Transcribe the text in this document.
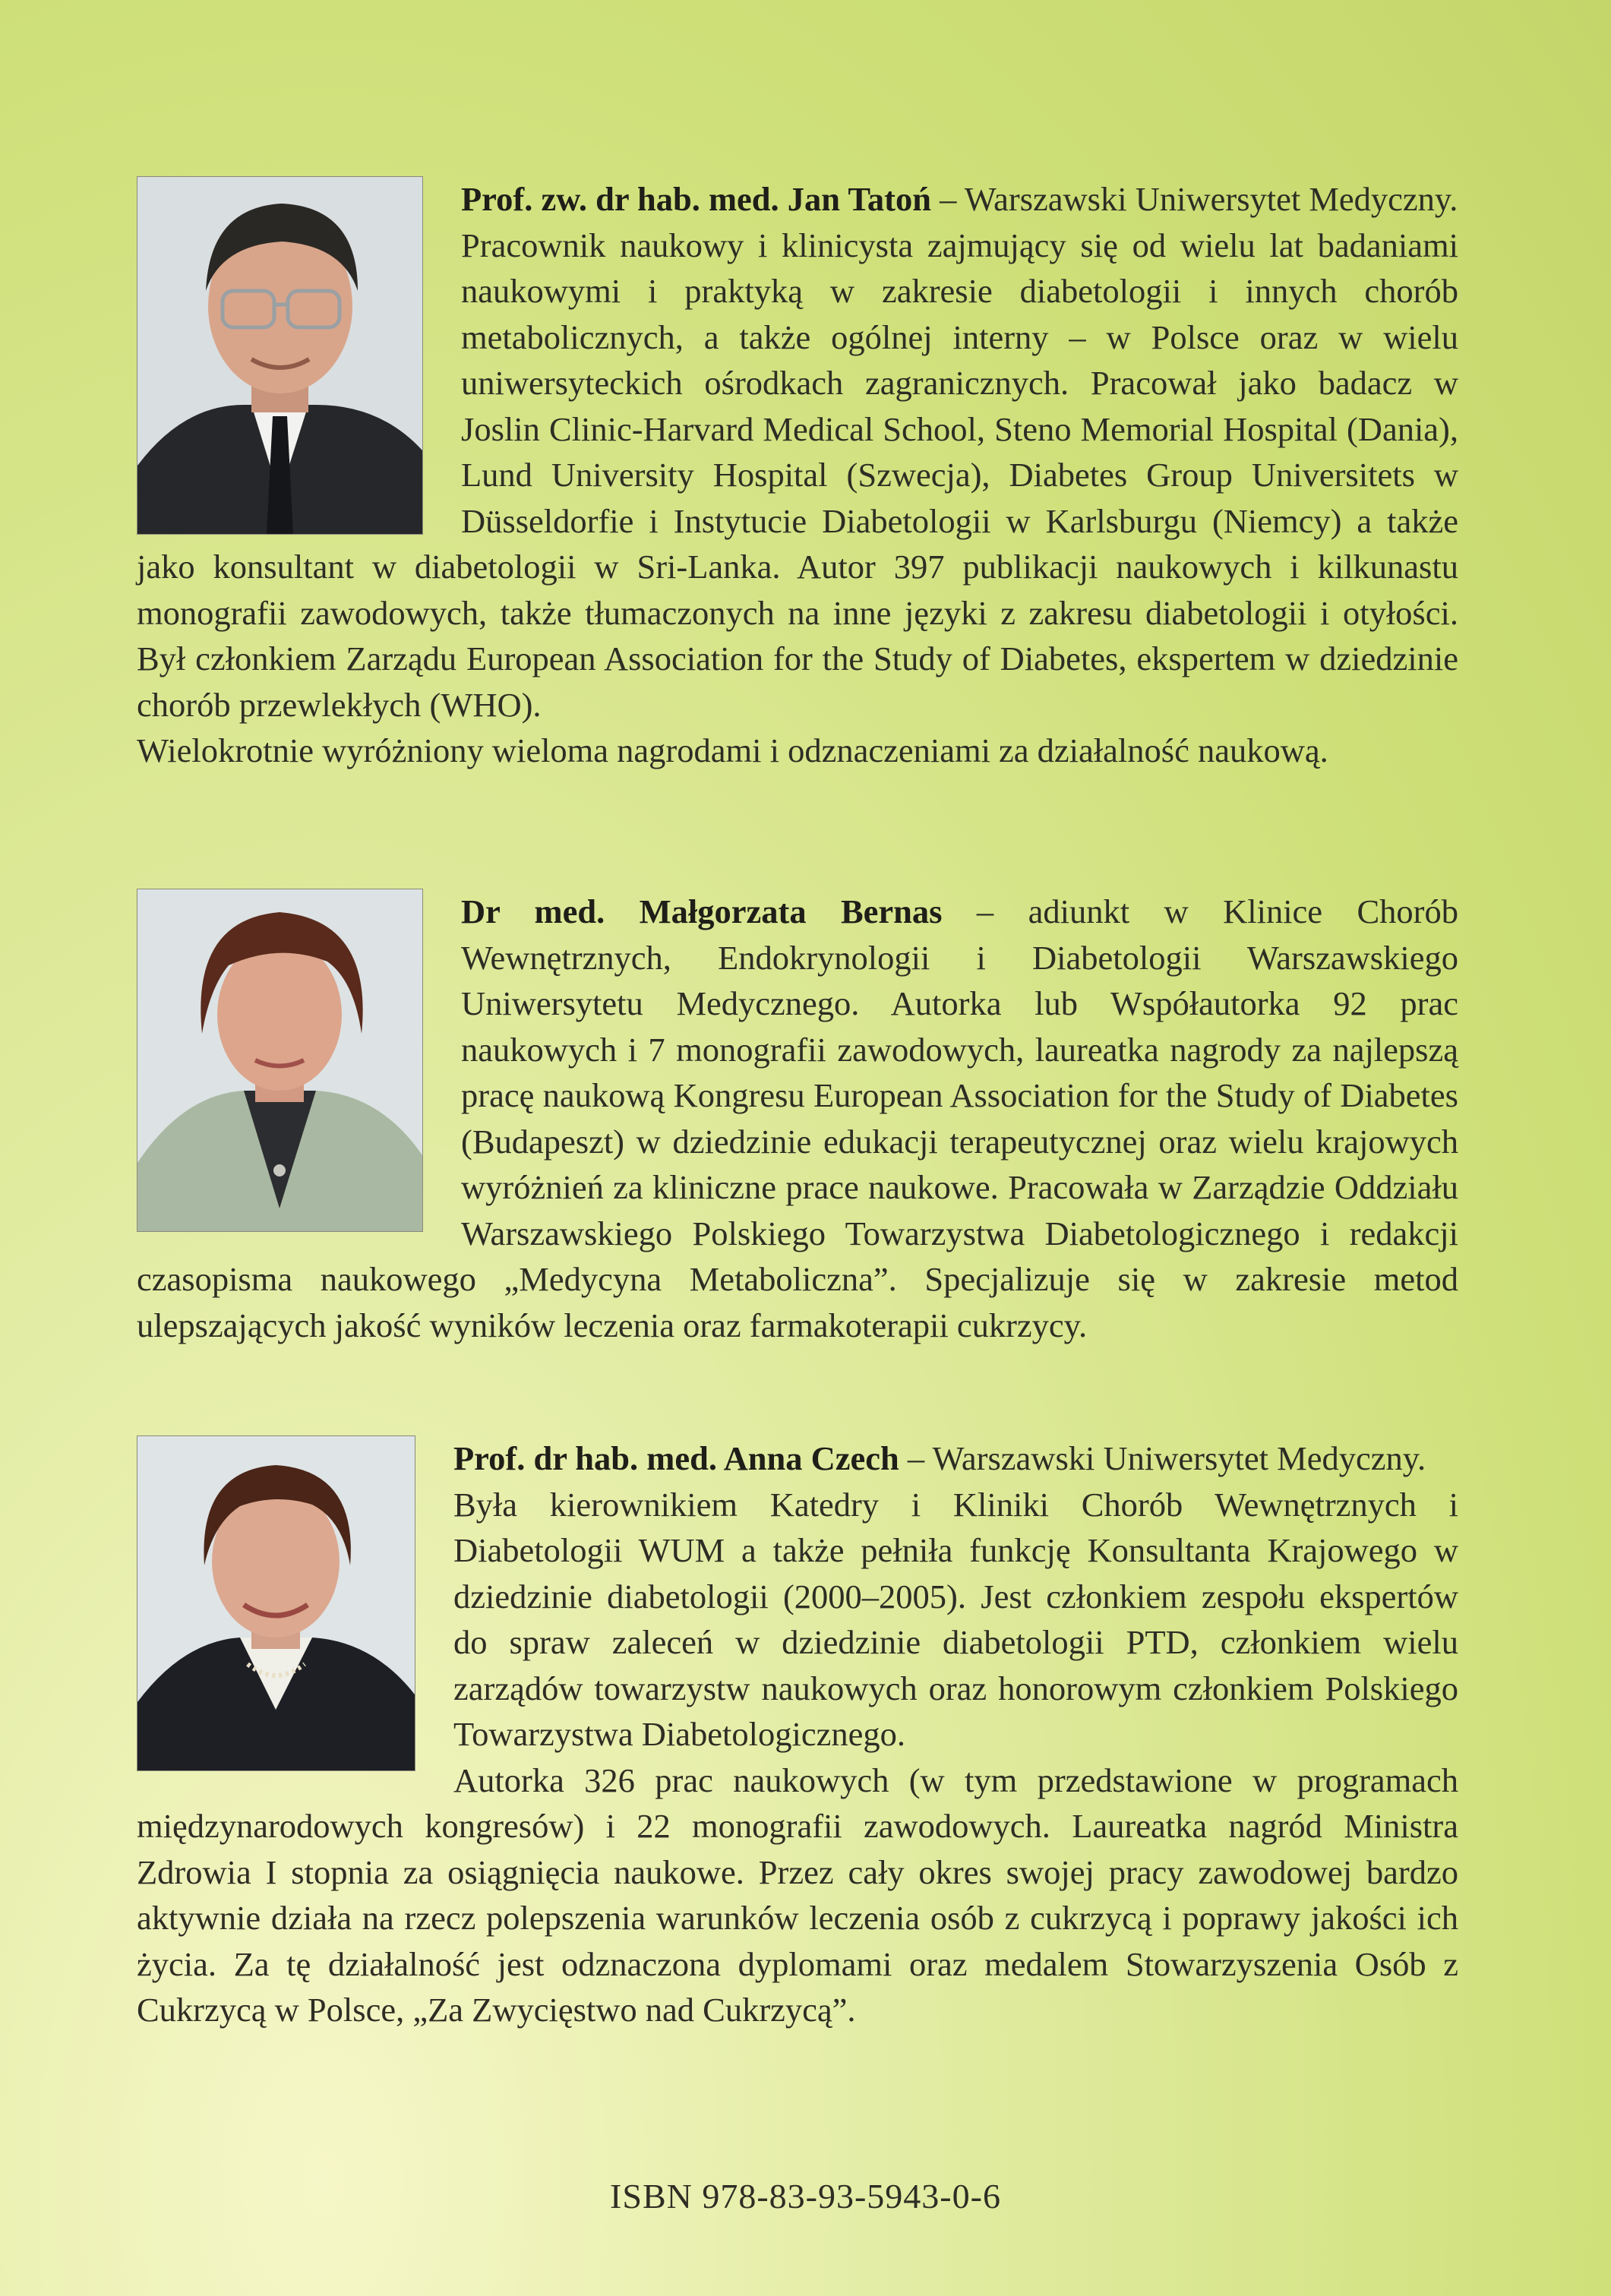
Prof. zw. dr hab. med. Jan Tatoń – Warszawski Uniwersytet Medyczny.

Pracownik naukowy i klinicysta zajmujący się od wielu lat badaniami naukowymi i praktyką w zakresie diabetologii i innych chorób metabolicznych, a także ogólnej interny – w Polsce oraz w wielu uniwersyteckich ośrodkach zagranicznych. Pracował jako badacz w Joslin Clinic-Harvard Medical School, Steno Memorial Hospital (Dania), Lund University Hospital (Szwecja), Diabetes Group Universitets w Düsseldorfie i Instytucie Diabetologii w Karlsburgu (Niemcy) a także jako konsultant w diabetologii w Sri-Lanka. Autor 397 publikacji naukowych i kilkunastu monografii zawodowych, także tłumaczonych na inne języki z zakresu diabetologii i otyłości. Był członkiem Zarządu European Association for the Study of Diabetes, ekspertem w dziedzinie chorób przewlekłych (WHO).

Wielokrotnie wyróżniony wieloma nagrodami i odznaczeniami za działalność naukową.

Dr med. Małgorzata Bernas – adiunkt w Klinice Chorób Wewnętrznych, Endokrynologii i Diabetologii Warszawskiego Uniwersytetu Medycznego. Autorka lub Współautorka 92 prac naukowych i 7 monografii zawodowych, laureatka nagrody za najlepszą pracę naukową Kongresu European Association for the Study of Diabetes (Budapeszt) w dziedzinie edukacji terapeutycznej oraz wielu krajowych wyróżnień za kliniczne prace naukowe. Pracowała w Zarządzie Oddziału Warszawskiego Polskiego Towarzystwa Diabetologicznego i redakcji czasopisma naukowego „Medycyna Metaboliczna”. Specjalizuje się w zakresie metod ulepszających jakość wyników leczenia oraz farmakoterapii cukrzycy.

Prof. dr hab. med. Anna Czech – Warszawski Uniwersytet Medyczny.

Była kierownikiem Katedry i Kliniki Chorób Wewnętrznych i Diabetologii WUM a także pełniła funkcję Konsultanta Krajowego w dziedzinie diabetologii (2000–2005). Jest członkiem zespołu ekspertów do spraw zaleceń w dziedzinie diabetologii PTD, członkiem wielu zarządów towarzystw naukowych oraz honorowym członkiem Polskiego Towarzystwa Diabetologicznego.

Autorka 326 prac naukowych (w tym przedstawione w programach międzynarodowych kongresów) i 22 monografii zawodowych. Laureatka nagród Ministra Zdrowia I stopnia za osiągnięcia naukowe. Przez cały okres swojej pracy zawodowej bardzo aktywnie działa na rzecz polepszenia warunków leczenia osób z cukrzycą i poprawy jakości ich życia. Za tę działalność jest odznaczona dyplomami oraz medalem Stowarzyszenia Osób z Cukrzycą w Polsce, „Za Zwycięstwo nad Cukrzycą”.

ISBN 978-83-93-5943-0-6
